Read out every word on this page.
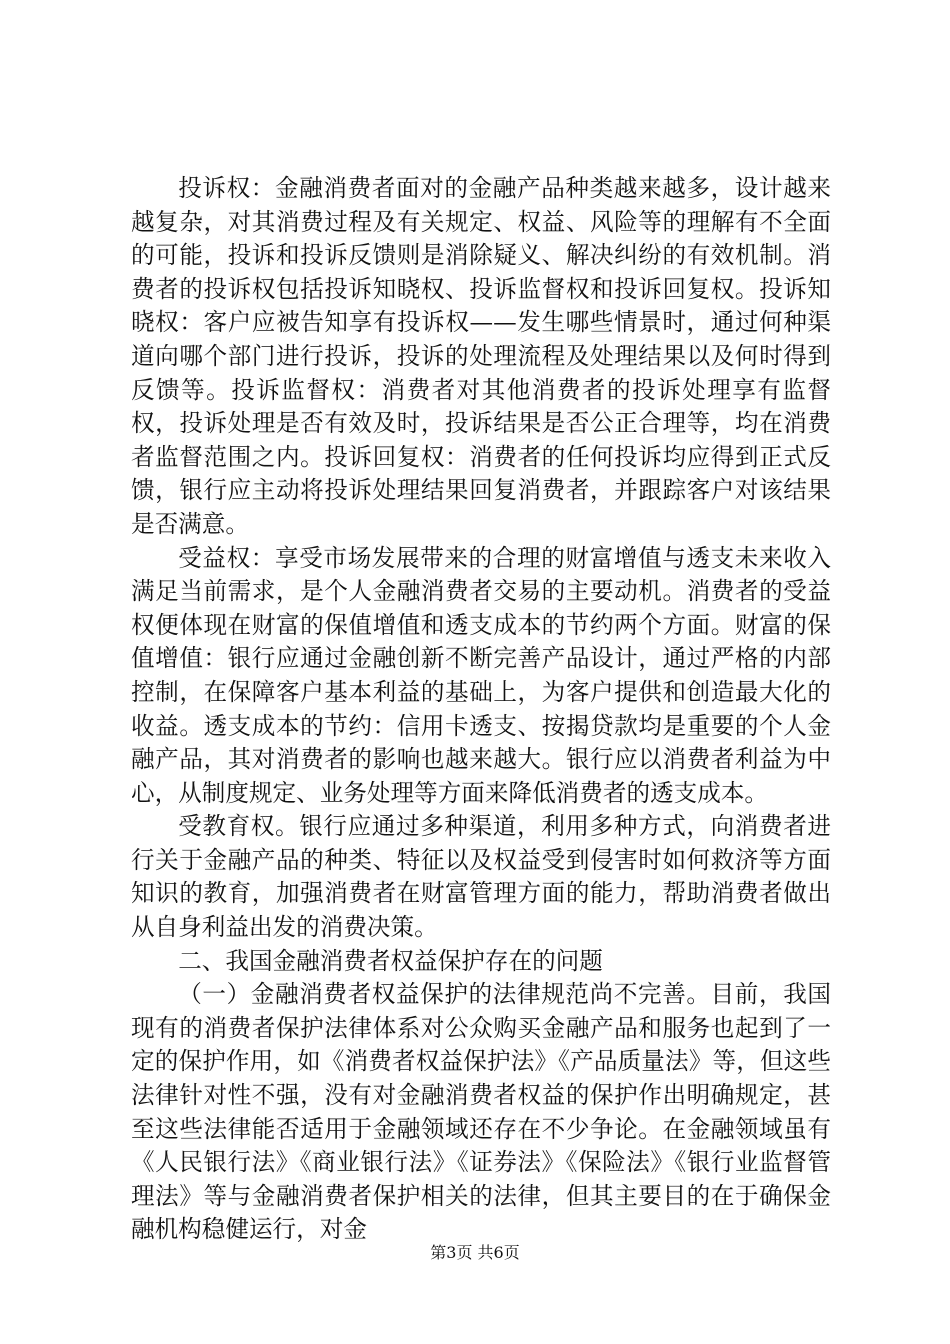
投诉权：金融消费者面对的金融产品种类越来越多，设计越来越复杂，对其消费过程及有关规定、权益、风险等的理解有不全面的可能，投诉和投诉反馈则是消除疑义、解决纠纷的有效机制。消费者的投诉权包括投诉知晓权、投诉监督权和投诉回复权。投诉知晓权：客户应被告知享有投诉权——发生哪些情景时，通过何种渠道向哪个部门进行投诉，投诉的处理流程及处理结果以及何时得到反馈等。投诉监督权：消费者对其他消费者的投诉处理享有监督权，投诉处理是否有效及时，投诉结果是否公正合理等，均在消费者监督范围之内。投诉回复权：消费者的任何投诉均应得到正式反馈，银行应主动将投诉处理结果回复消费者，并跟踪客户对该结果是否满意。

受益权：享受市场发展带来的合理的财富增值与透支未来收入满足当前需求，是个人金融消费者交易的主要动机。消费者的受益权便体现在财富的保值增值和透支成本的节约两个方面。财富的保值增值：银行应通过金融创新不断完善产品设计，通过严格的内部控制，在保障客户基本利益的基础上，为客户提供和创造最大化的收益。透支成本的节约：信用卡透支、按揭贷款均是重要的个人金融产品，其对消费者的影响也越来越大。银行应以消费者利益为中心，从制度规定、业务处理等方面来降低消费者的透支成本。

受教育权。银行应通过多种渠道，利用多种方式，向消费者进行关于金融产品的种类、特征以及权益受到侵害时如何救济等方面知识的教育，加强消费者在财富管理方面的能力，帮助消费者做出从自身利益出发的消费决策。

二、我国金融消费者权益保护存在的问题

（一）金融消费者权益保护的法律规范尚不完善。目前，我国现有的消费者保护法律体系对公众购买金融产品和服务也起到了一定的保护作用，如《消费者权益保护法》《产品质量法》等，但这些法律针对性不强，没有对金融消费者权益的保护作出明确规定，甚至这些法律能否适用于金融领域还存在不少争论。在金融领域虽有《人民银行法》《商业银行法》《证券法》《保险法》《银行业监督管理法》等与金融消费者保护相关的法律，但其主要目的在于确保金融机构稳健运行，对金

第3页 共6页
